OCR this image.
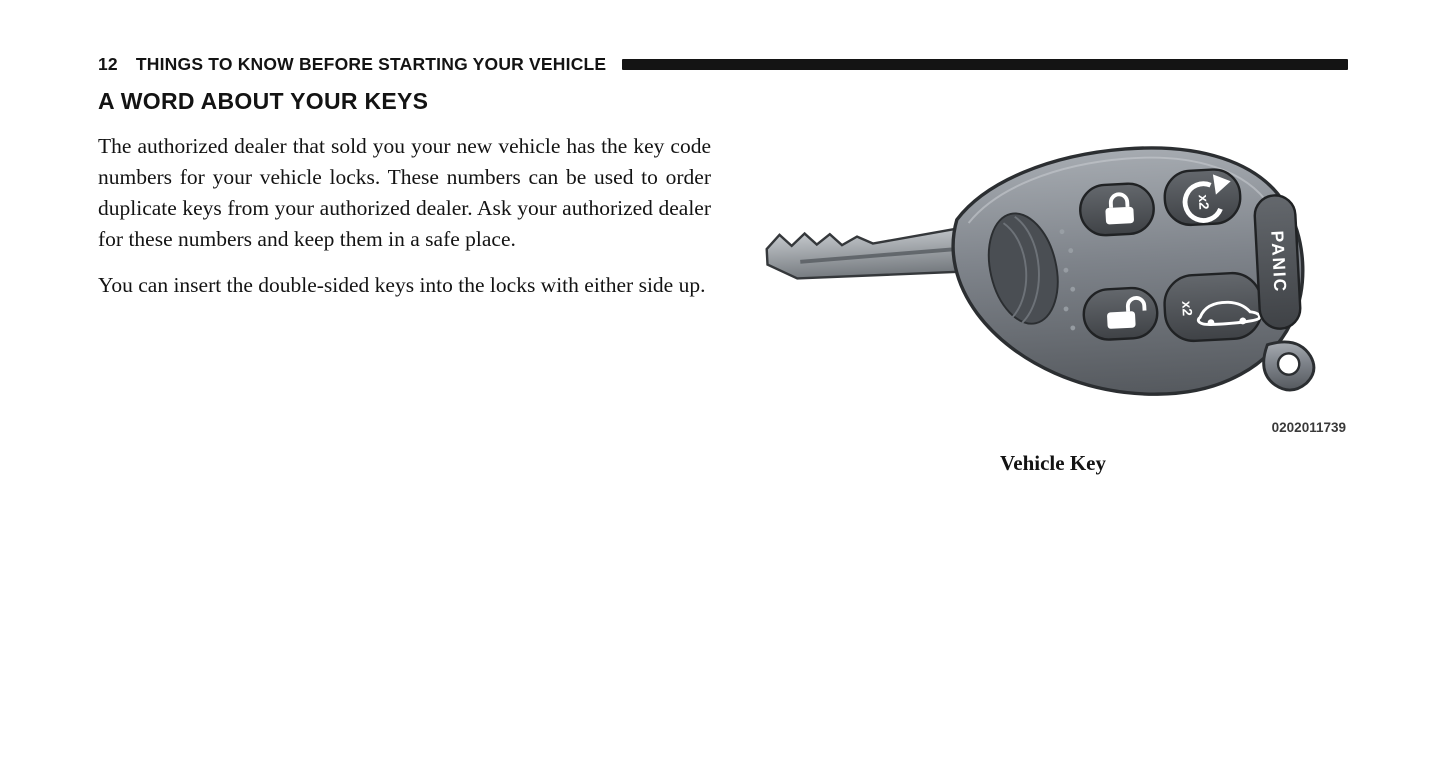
12 THINGS TO KNOW BEFORE STARTING YOUR VEHICLE
A WORD ABOUT YOUR KEYS

The authorized dealer that sold you your new vehicle has the key code numbers for your vehicle locks. These numbers can be used to order duplicate keys from your authorized dealer. Ask your authorized dealer for these numbers and keep them in a safe place.

You can insert the double-sided keys into the locks with either side up.

x2
x2
PANIC
0202011739
Vehicle Key
